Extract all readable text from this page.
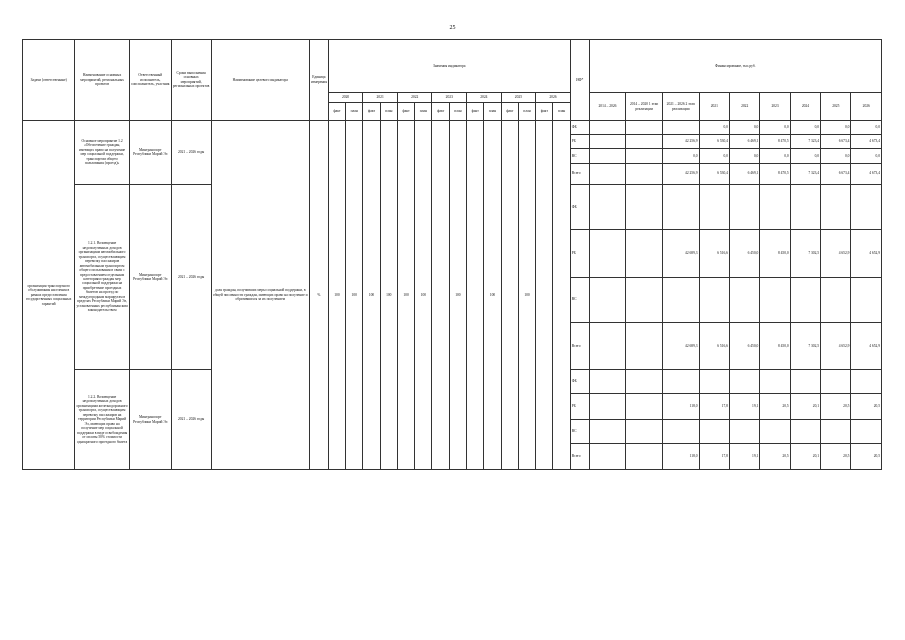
25
Задачи (ответственные)	Наименование основных мероприятий, региональных проектов	Ответственный исполнитель, соисполнитель, участник	Сроки выполнения основных мероприятий, региональных проектов	Наименование целевого индикатора	Единица измерения	Значения индикатора														ИФ*	Финансирование, тыс.руб.								
						2020		2021		2022		2023		2024		2025		2026			2014 – 2026	2014 – 2020 1 этап реализации	2021 – 2026 2 этап реализации	2021	2022	2023	2024	2025	2026
						факт	план	факт	план	факт	план	факт	план	факт	план	факт	план	факт	план										
организация транспортного обслуживания населения в рамках предоставления государственных социальных гарантий	Основное мероприятие 1.2 «Обеспечение граждан, имеющих право на получение мер социальной поддержки, транспортом общего пользования (проезд)»	Минтранспорт Республики Марий Эл	2021 – 2026 годы	доля граждан, получивших меры социальной поддержки, в общей численности граждан, имеющих право на получение и обратившихся за их получением	%	100	100	100	100	100	100		100		100		100			ФБ				0,0	0,0	0,0	0,0	0,0	0,0
																				РБ			42 256,9	6 530,4	6 469,1	8 470,5	7 323,4	6 673,4	4 673,4
																				ВС			0,0	0,0	0,0	0,0	0,0	0,0	0,0
																				Всего			42 256,9	6 530,4	6 469,1	8 470,5	7 323,4	6 673,4	4 673,4
	1.2.1. Возмещение недополученных доходов организациям автомобильного транспорта, осуществляющим перевозку пассажиров автомобильным транспортом общего пользования в связи с предоставлением отдельным категориям граждан мер социальной поддержки на приобретение проездных билетов на проезд по междугородным маршрутам в пределах Республики Марий Эл, установленных республиканским законодательством	Минтранспорт Республики Марий Эл	2021 – 2026 годы																	ФБ									
																				РБ			42 689,3	6 516,6	6 450,0	8 450,0	7 302,5	4 652,9	4 652,9
																				ВС									
																				Всего			42 689,3	6 516,6	6 450,0	8 450,0	7 302,5	4 652,9	4 652,9
	1.2.2. Возмещение недополученных доходов организациям железнодорожного транспорта, осуществляющим перевозку пассажиров на территории Республики Марий Эл, имеющих право на получение мер социальной поддержки в виде освобождения от оплаты 50% стоимости однократного проездного билета	Минтранспорт Республики Марий Эл	2021 – 2026 годы																	ФБ									
																				РБ			118,0	17,8	19,1	20,5	20,1	20,5	20,5
																				ВС									
																				Всего			118,0	17,8	19,1	20,5	20,1	20,5	20,5
